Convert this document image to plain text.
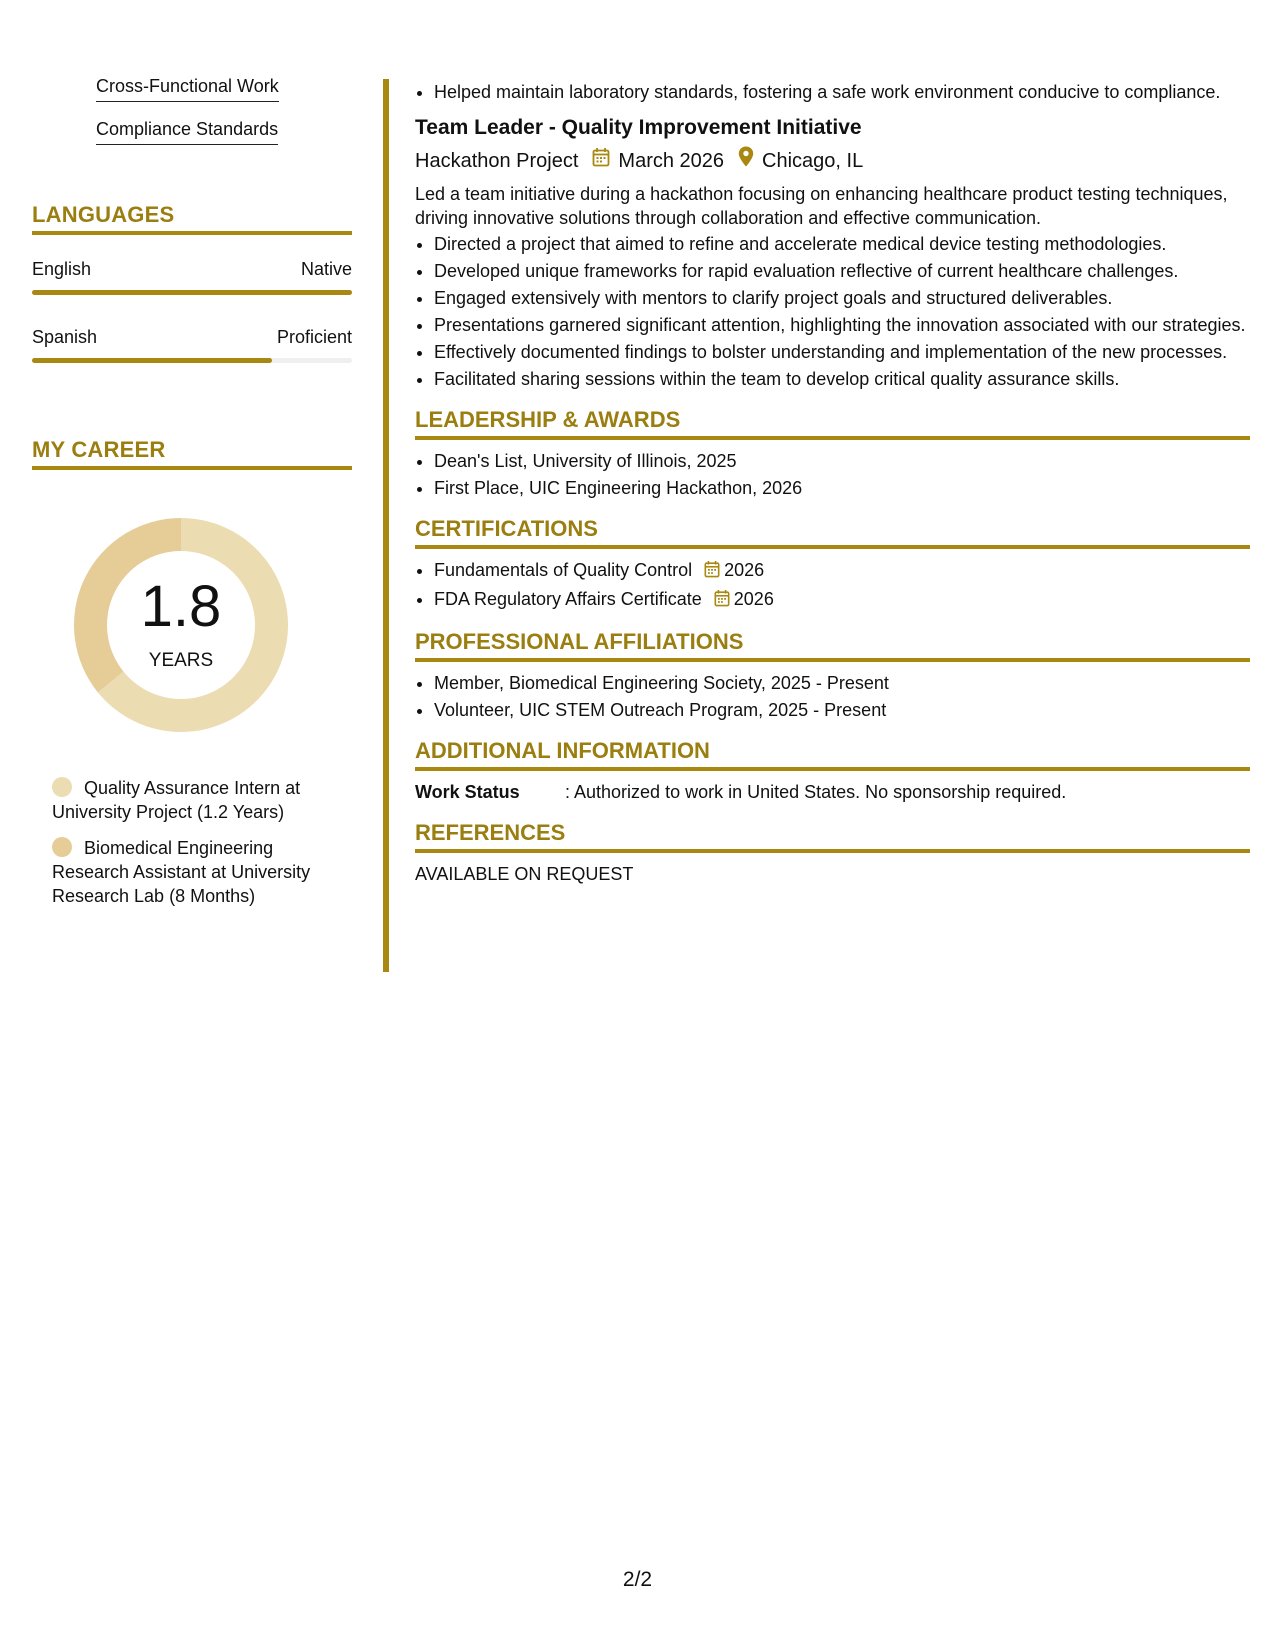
Cross-Functional Work
Compliance Standards
LANGUAGES
English	Native
Spanish	Proficient
MY CAREER
1.8
YEARS
Quality Assurance Intern at University Project (1.2 Years)
Biomedical Engineering Research Assistant at University Research Lab (8 Months)
• Helped maintain laboratory standards, fostering a safe work environment conducive to compliance.
Team Leader - Quality Improvement Initiative
Hackathon Project March 2026 Chicago, IL
Led a team initiative during a hackathon focusing on enhancing healthcare product testing techniques, driving innovative solutions through collaboration and effective communication.
• Directed a project that aimed to refine and accelerate medical device testing methodologies.
• Developed unique frameworks for rapid evaluation reflective of current healthcare challenges.
• Engaged extensively with mentors to clarify project goals and structured deliverables.
• Presentations garnered significant attention, highlighting the innovation associated with our strategies.
• Effectively documented findings to bolster understanding and implementation of the new processes.
• Facilitated sharing sessions within the team to develop critical quality assurance skills.
LEADERSHIP & AWARDS
• Dean's List, University of Illinois, 2025
• First Place, UIC Engineering Hackathon, 2026
CERTIFICATIONS
• Fundamentals of Quality Control 2026
• FDA Regulatory Affairs Certificate 2026
PROFESSIONAL AFFILIATIONS
• Member, Biomedical Engineering Society, 2025 - Present
• Volunteer, UIC STEM Outreach Program, 2025 - Present
ADDITIONAL INFORMATION
Work Status	: Authorized to work in United States. No sponsorship required.
REFERENCES
AVAILABLE ON REQUEST
2/2
